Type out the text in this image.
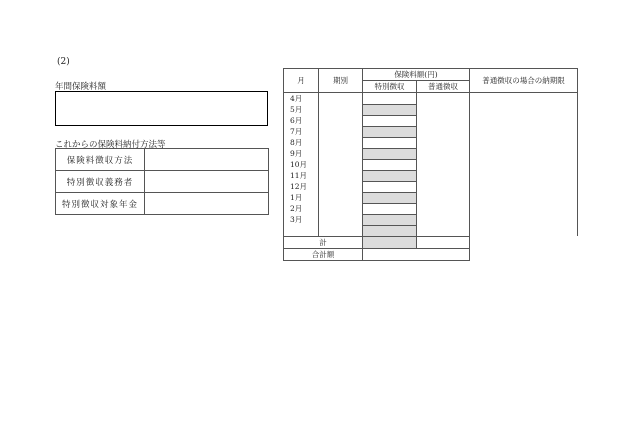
(2)
年間保険料額
これからの保険料納付方法等
保険料徴収方法	
特別徴収義務者	
特別徴収対象年金	
月	期別	保険料額(円)		普通徴収の場合の納期限
		特別徴収	普通徴収	
4月				
5月				
6月				
7月				
8月				
9月				
10月				
11月				
12月				
1月				
2月				
3月				

計				
合計額				
